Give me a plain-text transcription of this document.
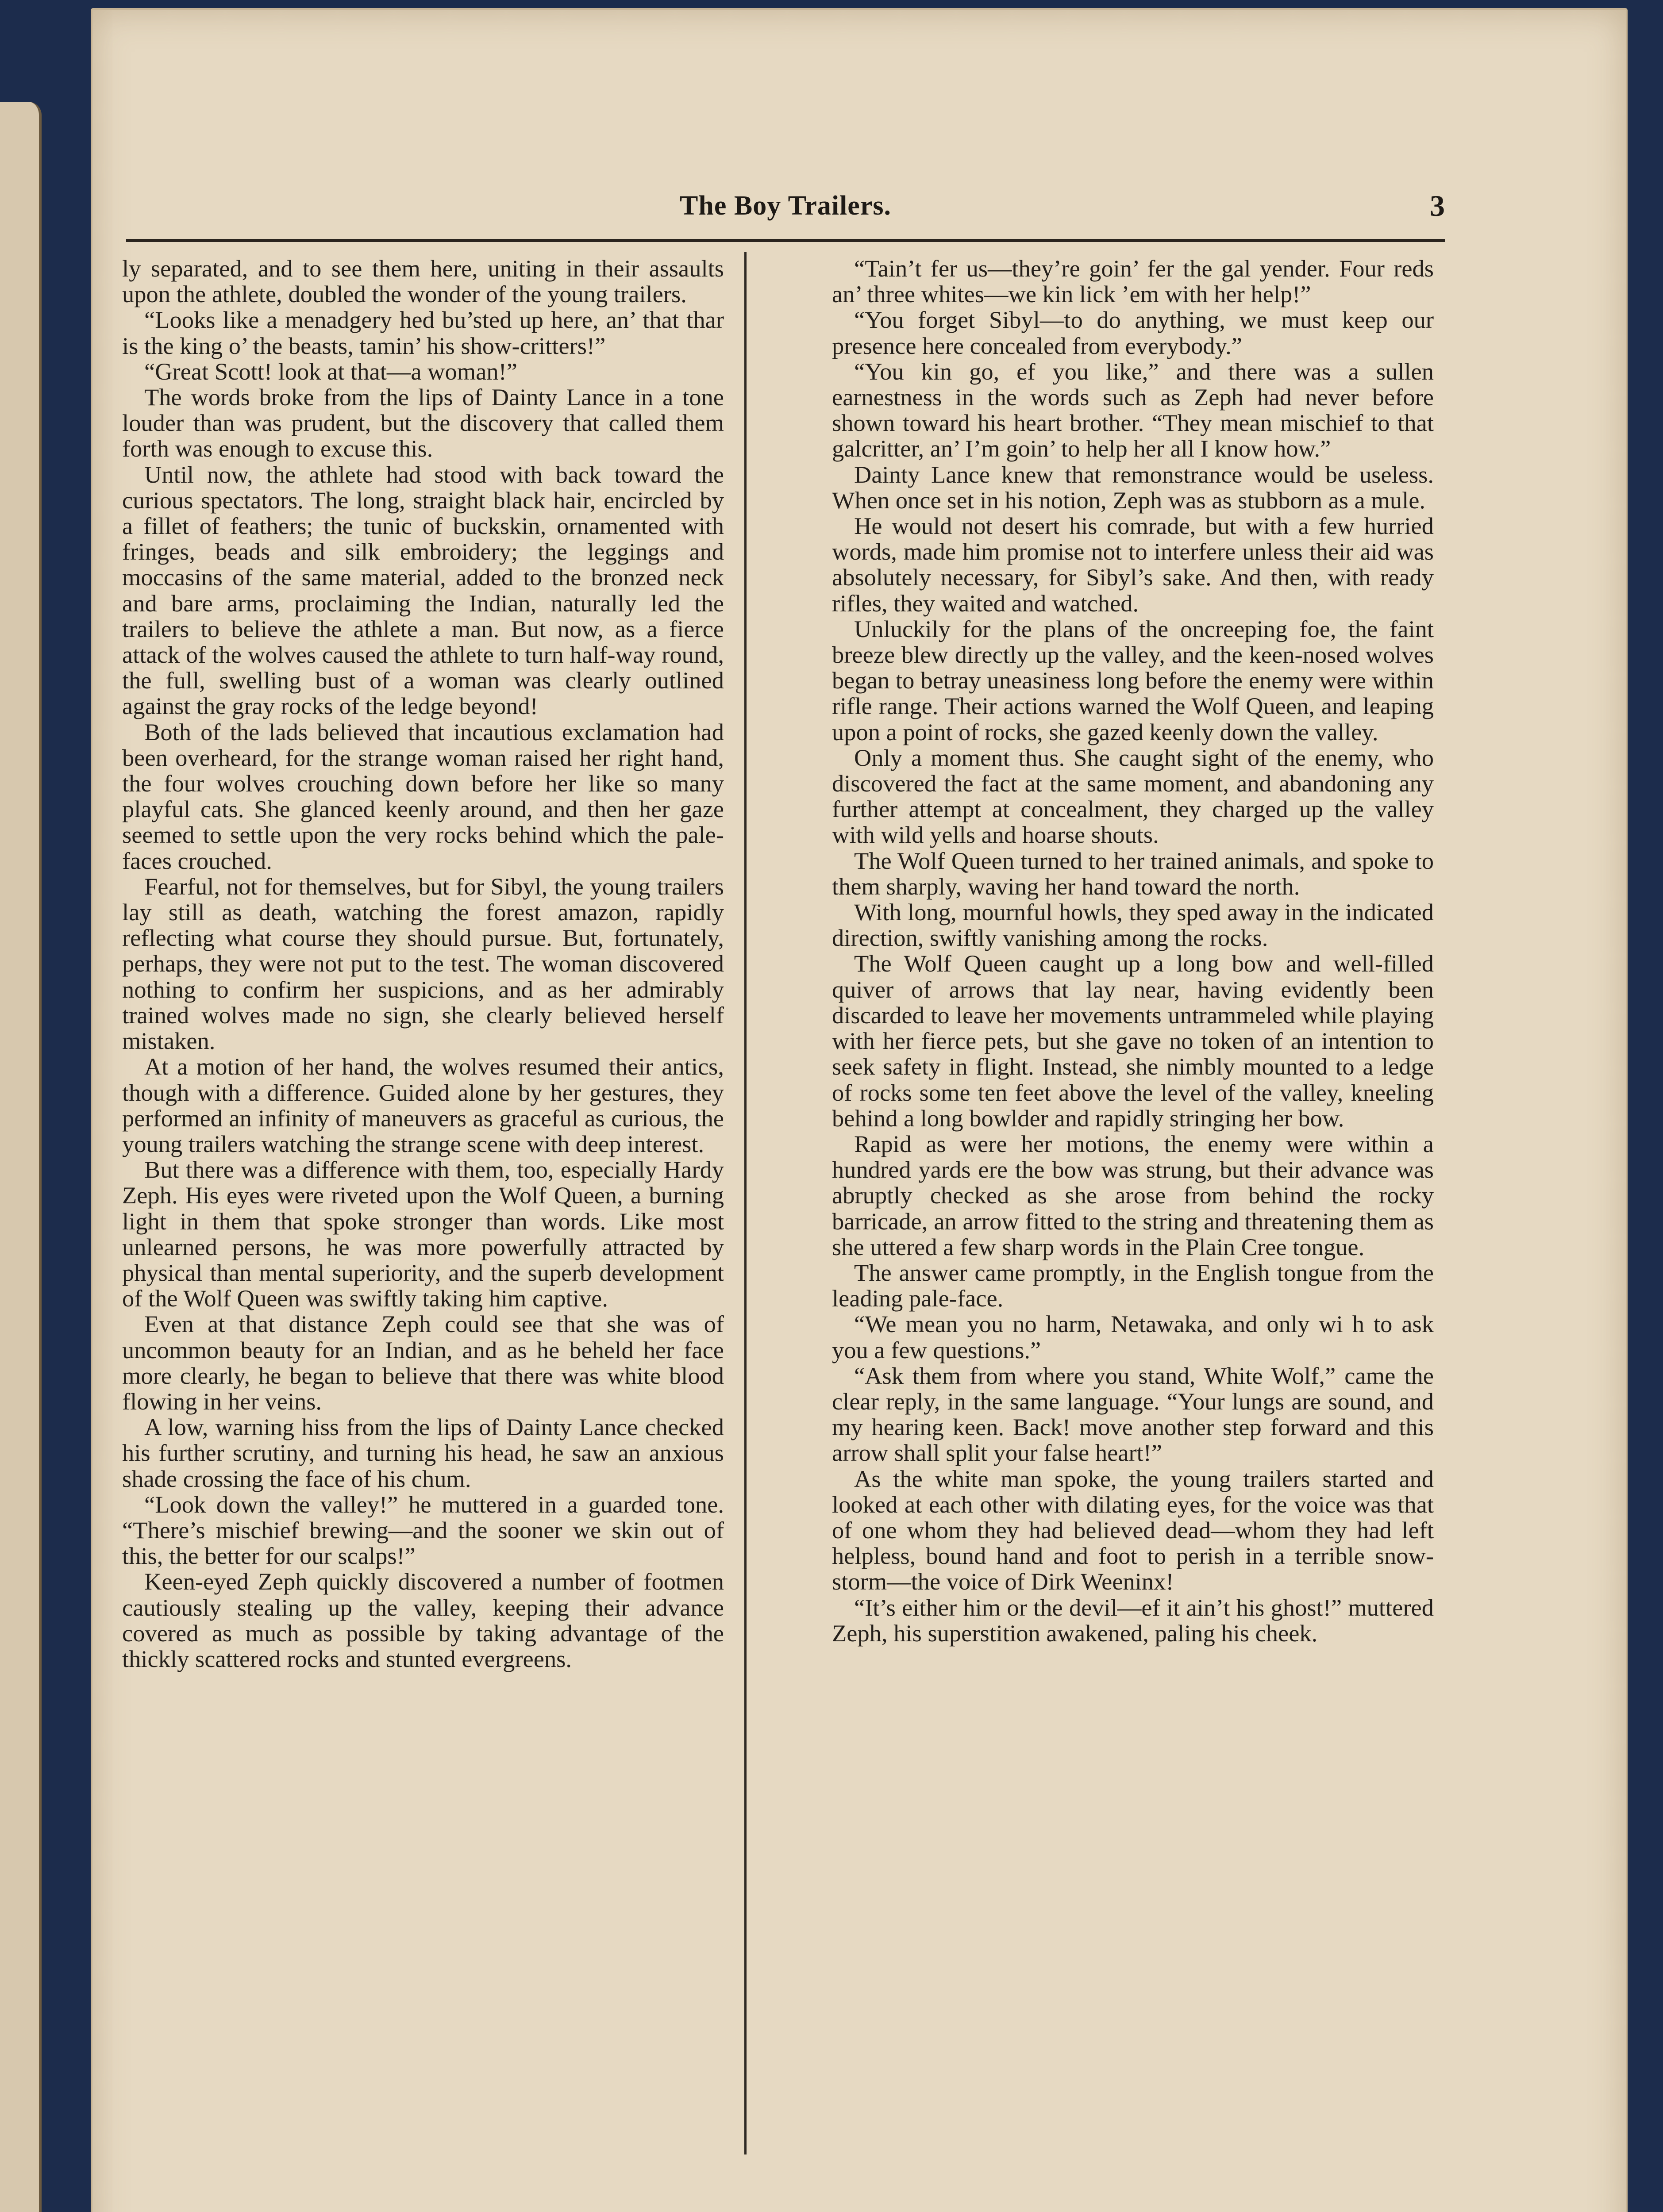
The Boy Trailers.	3

ly separated, and to see them here, uniting in their assaults upon the athlete, doubled the wonder of the young trailers.

“Looks like a menadgery hed bu’sted up here, an’ that thar is the king o’ the beasts, tamin’ his show-critters!”

“Great Scott! look at that—a woman!”

The words broke from the lips of Dainty Lance in a tone louder than was prudent, but the discovery that called them forth was enough to excuse this.

Until now, the athlete had stood with back toward the curious spectators. The long, straight black hair, encircled by a fillet of feathers; the tunic of buckskin, ornamented with fringes, beads and silk embroidery; the leggings and moccasins of the same material, added to the bronzed neck and bare arms, proclaiming the Indian, naturally led the trailers to believe the athlete a man. But now, as a fierce attack of the wolves caused the athlete to turn half-way round, the full, swelling bust of a woman was clearly outlined against the gray rocks of the ledge beyond!

Both of the lads believed that incautious exclamation had been overheard, for the strange woman raised her right hand, the four wolves crouching down before her like so many playful cats. She glanced keenly around, and then her gaze seemed to settle upon the very rocks behind which the pale-faces crouched.

Fearful, not for themselves, but for Sibyl, the young trailers lay still as death, watching the forest amazon, rapidly reflecting what course they should pursue. But, fortunately, perhaps, they were not put to the test. The woman discovered nothing to confirm her suspicions, and as her admirably trained wolves made no sign, she clearly believed herself mistaken.

At a motion of her hand, the wolves resumed their antics, though with a difference. Guided alone by her gestures, they performed an infinity of maneuvers as graceful as curious, the young trailers watching the strange scene with deep interest.

But there was a difference with them, too, especially Hardy Zeph. His eyes were riveted upon the Wolf Queen, a burning light in them that spoke stronger than words. Like most unlearned persons, he was more powerfully attracted by physical than mental superiority, and the superb development of the Wolf Queen was swiftly taking him captive.

Even at that distance Zeph could see that she was of uncommon beauty for an Indian, and as he beheld her face more clearly, he began to believe that there was white blood flowing in her veins.

A low, warning hiss from the lips of Dainty Lance checked his further scrutiny, and turning his head, he saw an anxious shade crossing the face of his chum.

“Look down the valley!” he muttered in a guarded tone. “There’s mischief brewing—and the sooner we skin out of this, the better for our scalps!”

Keen-eyed Zeph quickly discovered a number of footmen cautiously stealing up the valley, keeping their advance covered as much as possible by taking advantage of the thickly scattered rocks and stunted evergreens.

“Tain’t fer us—they’re goin’ fer the gal yender. Four reds an’ three whites—we kin lick ’em with her help!”

“You forget Sibyl—to do anything, we must keep our presence here concealed from everybody.”

“You kin go, ef you like,” and there was a sullen earnestness in the words such as Zeph had never before shown toward his heart brother. “They mean mischief to that galcritter, an’ I’m goin’ to help her all I know how.”

Dainty Lance knew that remonstrance would be useless. When once set in his notion, Zeph was as stubborn as a mule.

He would not desert his comrade, but with a few hurried words, made him promise not to interfere unless their aid was absolutely necessary, for Sibyl’s sake. And then, with ready rifles, they waited and watched.

Unluckily for the plans of the oncreeping foe, the faint breeze blew directly up the valley, and the keen-nosed wolves began to betray uneasiness long before the enemy were within rifle range. Their actions warned the Wolf Queen, and leaping upon a point of rocks, she gazed keenly down the valley.

Only a moment thus. She caught sight of the enemy, who discovered the fact at the same moment, and abandoning any further attempt at concealment, they charged up the valley with wild yells and hoarse shouts.

The Wolf Queen turned to her trained animals, and spoke to them sharply, waving her hand toward the north.

With long, mournful howls, they sped away in the indicated direction, swiftly vanishing among the rocks.

The Wolf Queen caught up a long bow and well-filled quiver of arrows that lay near, having evidently been discarded to leave her movements untrammeled while playing with her fierce pets, but she gave no token of an intention to seek safety in flight. Instead, she nimbly mounted to a ledge of rocks some ten feet above the level of the valley, kneeling behind a long bowlder and rapidly stringing her bow.

Rapid as were her motions, the enemy were within a hundred yards ere the bow was strung, but their advance was abruptly checked as she arose from behind the rocky barricade, an arrow fitted to the string and threatening them as she uttered a few sharp words in the Plain Cree tongue.

The answer came promptly, in the English tongue from the leading pale-face.

“We mean you no harm, Netawaka, and only wi h to ask you a few questions.”

“Ask them from where you stand, White Wolf,” came the clear reply, in the same language. “Your lungs are sound, and my hearing keen. Back! move another step forward and this arrow shall split your false heart!”

As the white man spoke, the young trailers started and looked at each other with dilating eyes, for the voice was that of one whom they had believed dead—whom they had left helpless, bound hand and foot to perish in a terrible snow-storm—the voice of Dirk Weeninx!

“It’s either him or the devil—ef it ain’t his ghost!” muttered Zeph, his superstition awakened, paling his cheek.
